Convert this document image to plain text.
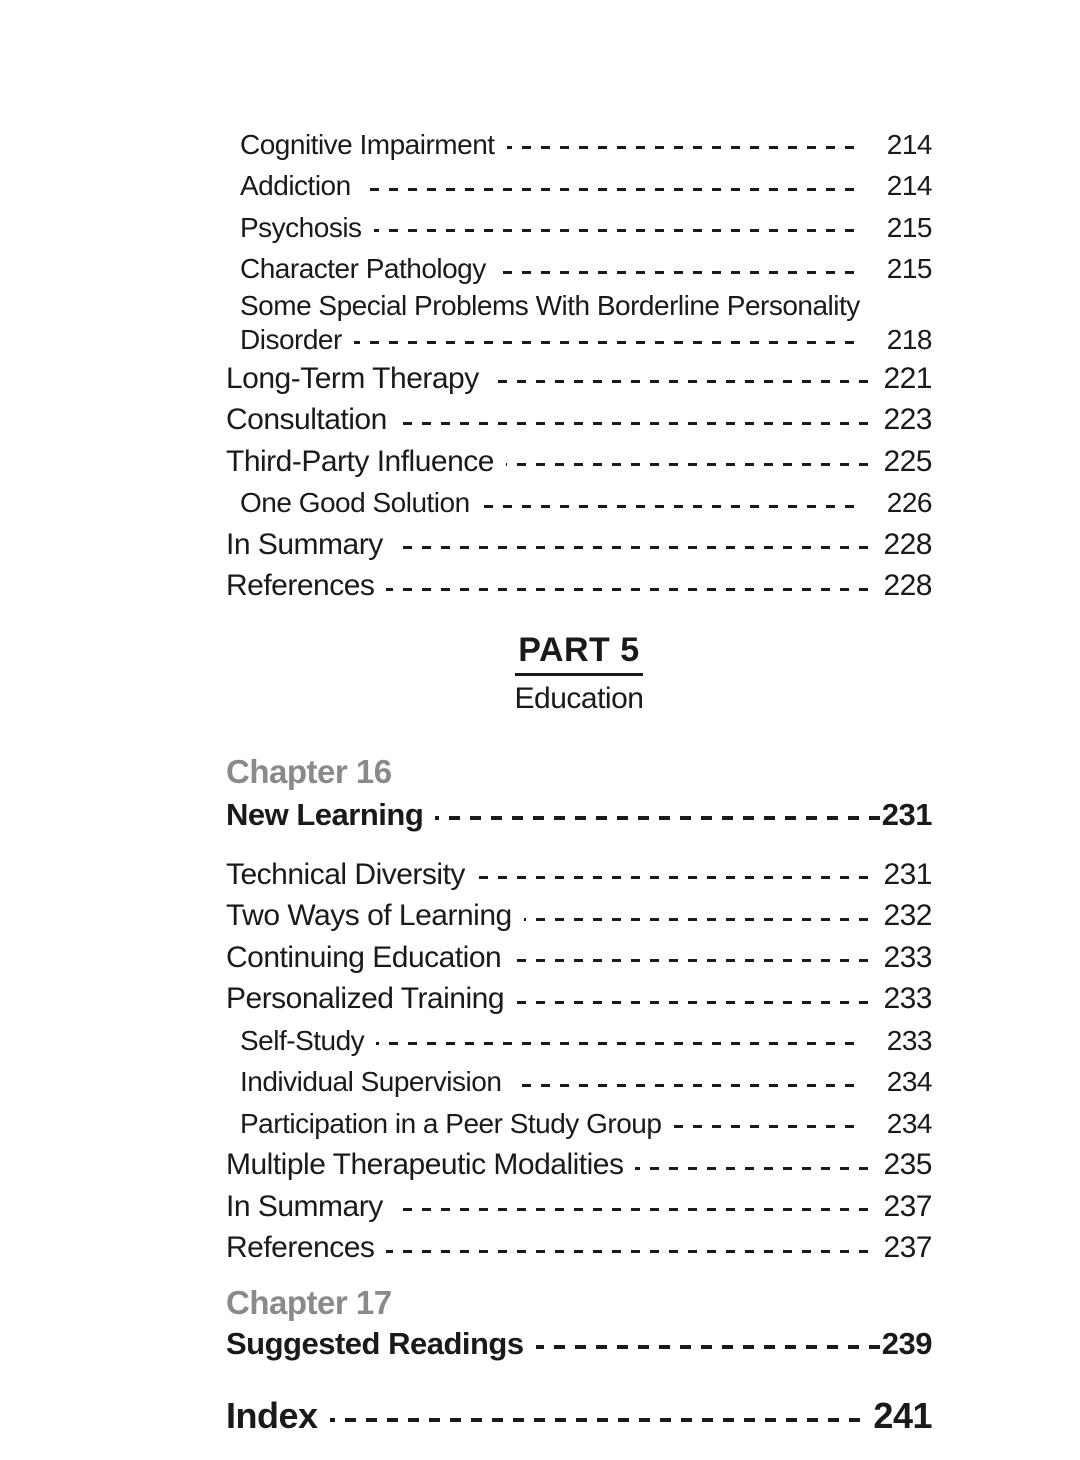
Cognitive Impairment	214
Addiction	214
Psychosis	215
Character Pathology	215
Some Special Problems With Borderline Personality
Disorder	218
Long-Term Therapy	221
Consultation	223
Third-Party Influence	225
One Good Solution	226
In Summary	228
References	228
PART 5
Education
Chapter 16
New Learning	231
Technical Diversity	231
Two Ways of Learning	232
Continuing Education	233
Personalized Training	233
Self-Study	233
Individual Supervision	234
Participation in a Peer Study Group	234
Multiple Therapeutic Modalities	235
In Summary	237
References	237
Chapter 17
Suggested Readings	239
Index	241
